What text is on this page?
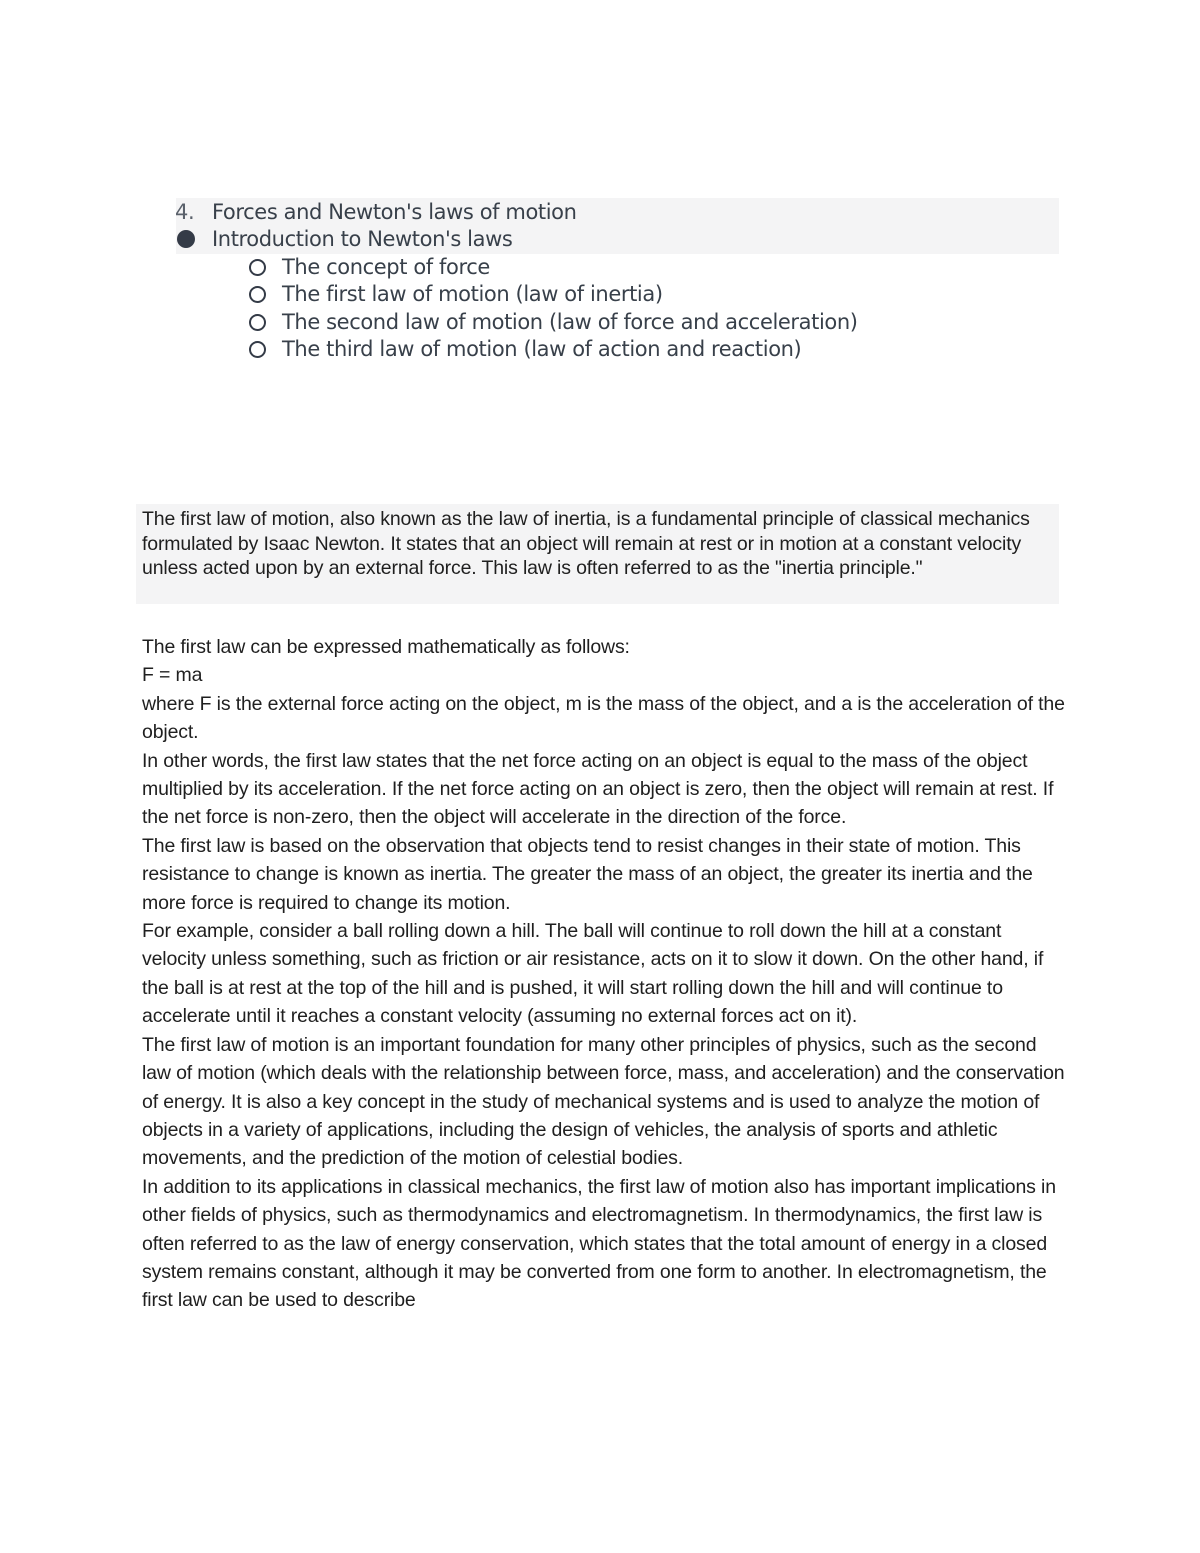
4. Forces and Newton's laws of motion
Introduction to Newton's laws
The concept of force
The first law of motion (law of inertia)
The second law of motion (law of force and acceleration)
The third law of motion (law of action and reaction)
The first law of motion, also known as the law of inertia, is a fundamental principle of classical mechanics formulated by Isaac Newton. It states that an object will remain at rest or in motion at a constant velocity unless acted upon by an external force. This law is often referred to as the "inertia principle."

The first law can be expressed mathematically as follows:

F = ma

where F is the external force acting on the object, m is the mass of the object, and a is the acceleration of the object.

In other words, the first law states that the net force acting on an object is equal to the mass of the object multiplied by its acceleration. If the net force acting on an object is zero, then the object will remain at rest. If the net force is non-zero, then the object will accelerate in the direction of the force.

The first law is based on the observation that objects tend to resist changes in their state of motion. This resistance to change is known as inertia. The greater the mass of an object, the greater its inertia and the more force is required to change its motion.

For example, consider a ball rolling down a hill. The ball will continue to roll down the hill at a constant velocity unless something, such as friction or air resistance, acts on it to slow it down. On the other hand, if the ball is at rest at the top of the hill and is pushed, it will start rolling down the hill and will continue to accelerate until it reaches a constant velocity (assuming no external forces act on it).

The first law of motion is an important foundation for many other principles of physics, such as the second law of motion (which deals with the relationship between force, mass, and acceleration) and the conservation of energy. It is also a key concept in the study of mechanical systems and is used to analyze the motion of objects in a variety of applications, including the design of vehicles, the analysis of sports and athletic movements, and the prediction of the motion of celestial bodies.

In addition to its applications in classical mechanics, the first law of motion also has important implications in other fields of physics, such as thermodynamics and electromagnetism. In thermodynamics, the first law is often referred to as the law of energy conservation, which states that the total amount of energy in a closed system remains constant, although it may be converted from one form to another. In electromagnetism, the first law can be used to describe
